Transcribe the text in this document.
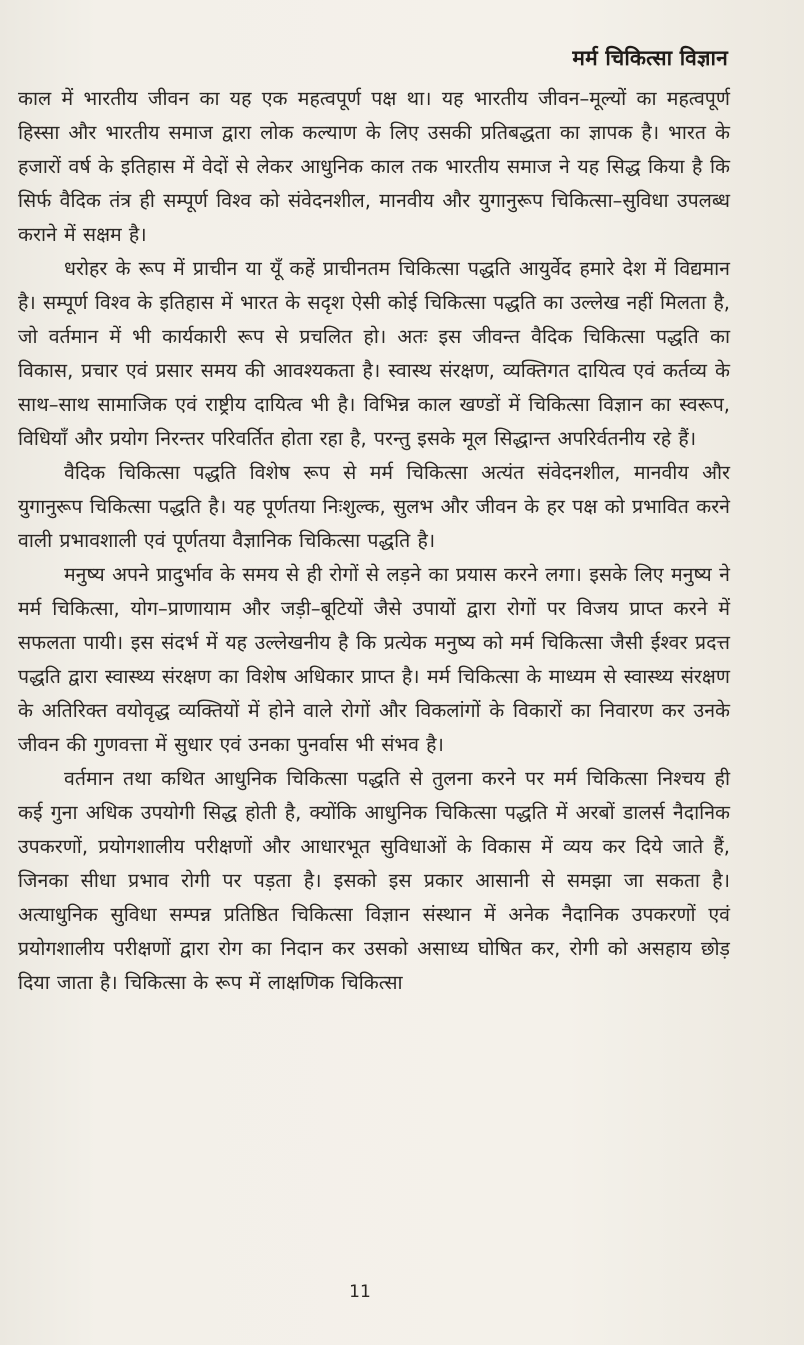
मर्म चिकित्सा विज्ञान

काल में भारतीय जीवन का यह एक महत्वपूर्ण पक्ष था। यह भारतीय जीवन–मूल्यों का महत्वपूर्ण हिस्सा और भारतीय समाज द्वारा लोक कल्याण के लिए उसकी प्रतिबद्धता का ज्ञापक है। भारत के हजारों वर्ष के इतिहास में वेदों से लेकर आधुनिक काल तक भारतीय समाज ने यह सिद्ध किया है कि सिर्फ वैदिक तंत्र ही सम्पूर्ण विश्व को संवेदनशील, मानवीय और युगानुरूप चिकित्सा–सुविधा उपलब्ध कराने में सक्षम है।

धरोहर के रूप में प्राचीन या यूँ कहें प्राचीनतम चिकित्सा पद्धति आयुर्वेद हमारे देश में विद्यमान है। सम्पूर्ण विश्व के इतिहास में भारत के सदृश ऐसी कोई चिकित्सा पद्धति का उल्लेख नहीं मिलता है, जो वर्तमान में भी कार्यकारी रूप से प्रचलित हो। अतः इस जीवन्त वैदिक चिकित्सा पद्धति का विकास, प्रचार एवं प्रसार समय की आवश्यकता है। स्वास्थ संरक्षण, व्यक्तिगत दायित्व एवं कर्तव्य के साथ–साथ सामाजिक एवं राष्ट्रीय दायित्व भी है। विभिन्न काल खण्डों में चिकित्सा विज्ञान का स्वरूप, विधियाँ और प्रयोग निरन्तर परिवर्तित होता रहा है, परन्तु इसके मूल सिद्धान्त अपरिर्वतनीय रहे हैं।

वैदिक चिकित्सा पद्धति विशेष रूप से मर्म चिकित्सा अत्यंत संवेदनशील, मानवीय और युगानुरूप चिकित्सा पद्धति है। यह पूर्णतया निःशुल्क, सुलभ और जीवन के हर पक्ष को प्रभावित करने वाली प्रभावशाली एवं पूर्णतया वैज्ञानिक चिकित्सा पद्धति है।

मनुष्य अपने प्रादुर्भाव के समय से ही रोगों से लड़ने का प्रयास करने लगा। इसके लिए मनुष्य ने मर्म चिकित्सा, योग–प्राणायाम और जड़ी–बूटियों जैसे उपायों द्वारा रोगों पर विजय प्राप्त करने में सफलता पायी। इस संदर्भ में यह उल्लेखनीय है कि प्रत्येक मनुष्य को मर्म चिकित्सा जैसी ईश्वर प्रदत्त पद्धति द्वारा स्वास्थ्य संरक्षण का विशेष अधिकार प्राप्त है। मर्म चिकित्सा के माध्यम से स्वास्थ्य संरक्षण के अतिरिक्त वयोवृद्ध व्यक्तियों में होने वाले रोगों और विकलांगों के विकारों का निवारण कर उनके जीवन की गुणवत्ता में सुधार एवं उनका पुनर्वास भी संभव है।

वर्तमान तथा कथित आधुनिक चिकित्सा पद्धति से तुलना करने पर मर्म चिकित्सा निश्चय ही कई गुना अधिक उपयोगी सिद्ध होती है, क्योंकि आधुनिक चिकित्सा पद्धति में अरबों डालर्स नैदानिक उपकरणों, प्रयोगशालीय परीक्षणों और आधारभूत सुविधाओं के विकास में व्यय कर दिये जाते हैं, जिनका सीधा प्रभाव रोगी पर पड़ता है। इसको इस प्रकार आसानी से समझा जा सकता है। अत्याधुनिक सुविधा सम्पन्न प्रतिष्ठित चिकित्सा विज्ञान संस्थान में अनेक नैदानिक उपकरणों एवं प्रयोगशालीय परीक्षणों द्वारा रोग का निदान कर उसको असाध्य घोषित कर, रोगी को असहाय छोड़ दिया जाता है। चिकित्सा के रूप में लाक्षणिक चिकित्सा

11
